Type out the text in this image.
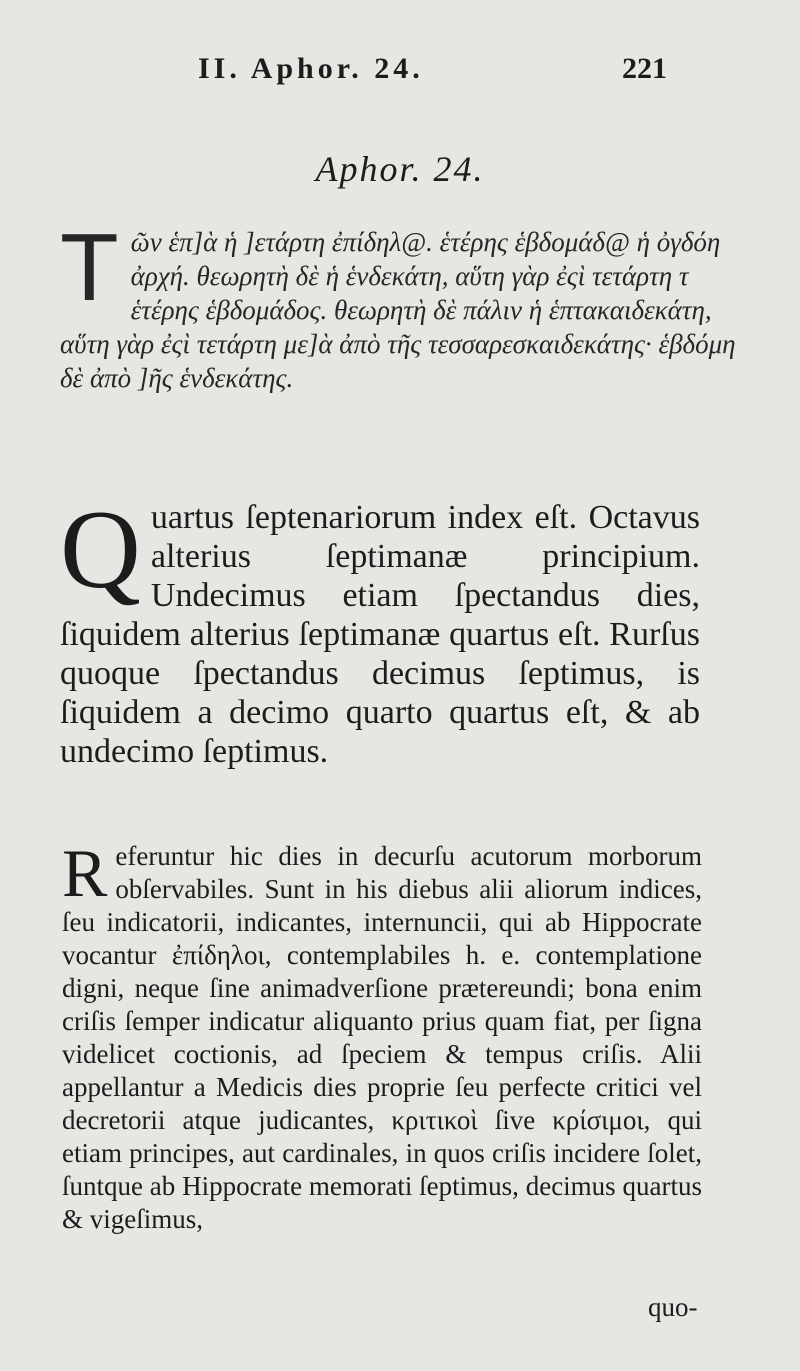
II. Aphor. 24.	221
Aphor. 24.
T ῶν ἑπ]ὰ ἡ ]ετάρτη ἐπίδηλ@. ἑτέρης ἑβδομάδ@ ἡ ὀγδόη ἀρχή. θεωρητὴ δὲ ἡ ἑνδεκάτη, αὕτη γὰρ ἐςὶ τετάρτη τ ἑτέρης ἑβδομάδος. θεωρητὴ δὲ πάλιν ἡ ἑπτακαιδεκάτη, αὕτη γὰρ ἐςὶ τετάρτη με]ὰ ἀπὸ τῆς τεσσαρεσκαιδεκάτης· ἑβδόμη δὲ ἀπὸ ]ῆς ἑνδεκάτης.
Q uartus ſeptenariorum index eſt. Octavus alterius ſeptimanæ principium. Undecimus etiam ſpectandus dies, ſiquidem alterius ſeptimanæ quartus eſt. Rurſus quoque ſpectandus decimus ſeptimus, is ſiquidem a decimo quarto quartus eſt, & ab undecimo ſeptimus.
R eferuntur hic dies in decurſu acutorum morborum obſervabiles. Sunt in his diebus alii aliorum indices, ſeu indicatorii, indicantes, internuncii, qui ab Hippocrate vocantur ἐπίδηλοι, contemplabiles h. e. contemplatione digni, neque ſine animadverſione prætereundi; bona enim criſis ſemper indicatur aliquanto prius quam fiat, per ſigna videlicet coctionis, ad ſpeciem & tempus criſis. Alii appellantur a Medicis dies proprie ſeu perfecte critici vel decretorii atque judicantes, κριτικοὶ ſive κρίσιμοι, qui etiam principes, aut cardinales, in quos criſis incidere ſolet, ſuntque ab Hippocrate memorati ſeptimus, decimus quartus & vigeſimus,
quo-
